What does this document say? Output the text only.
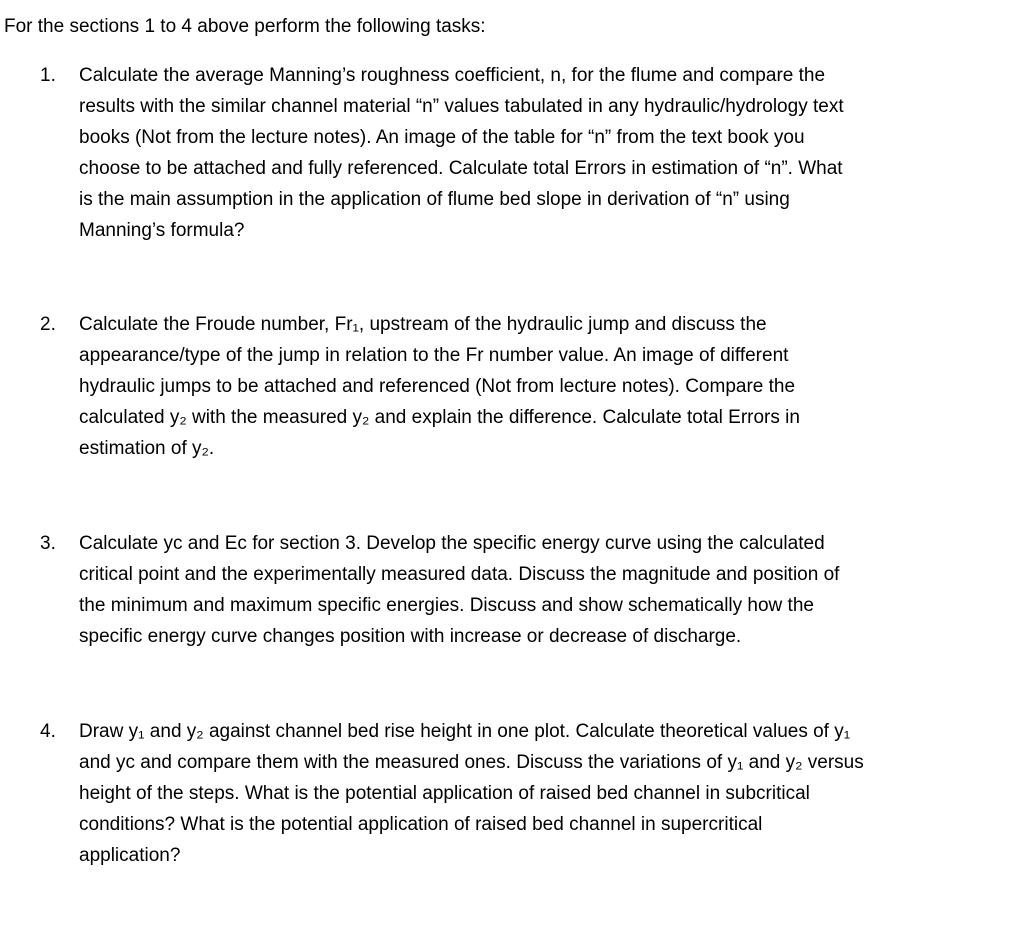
For the sections 1 to 4 above perform the following tasks:
1.	Calculate the average Manning’s roughness coefficient, n, for the flume and compare the
results with the similar channel material “n” values tabulated in any hydraulic/hydrology text
books (Not from the lecture notes). An image of the table for “n” from the text book you
choose to be attached and fully referenced. Calculate total Errors in estimation of “n”. What
is the main assumption in the application of flume bed slope in derivation of “n” using
Manning’s formula?
2.	Calculate the Froude number, Fr₁, upstream of the hydraulic jump and discuss the
appearance/type of the jump in relation to the Fr number value. An image of different
hydraulic jumps to be attached and referenced (Not from lecture notes). Compare the
calculated y₂ with the measured y₂ and explain the difference. Calculate total Errors in
estimation of y₂.
3.	Calculate yc and Ec for section 3. Develop the specific energy curve using the calculated
critical point and the experimentally measured data. Discuss the magnitude and position of
the minimum and maximum specific energies. Discuss and show schematically how the
specific energy curve changes position with increase or decrease of discharge.
4.	Draw y₁ and y₂ against channel bed rise height in one plot. Calculate theoretical values of y₁
and yc and compare them with the measured ones. Discuss the variations of y₁ and y₂ versus
height of the steps. What is the potential application of raised bed channel in subcritical
conditions? What is the potential application of raised bed channel in supercritical
application?
